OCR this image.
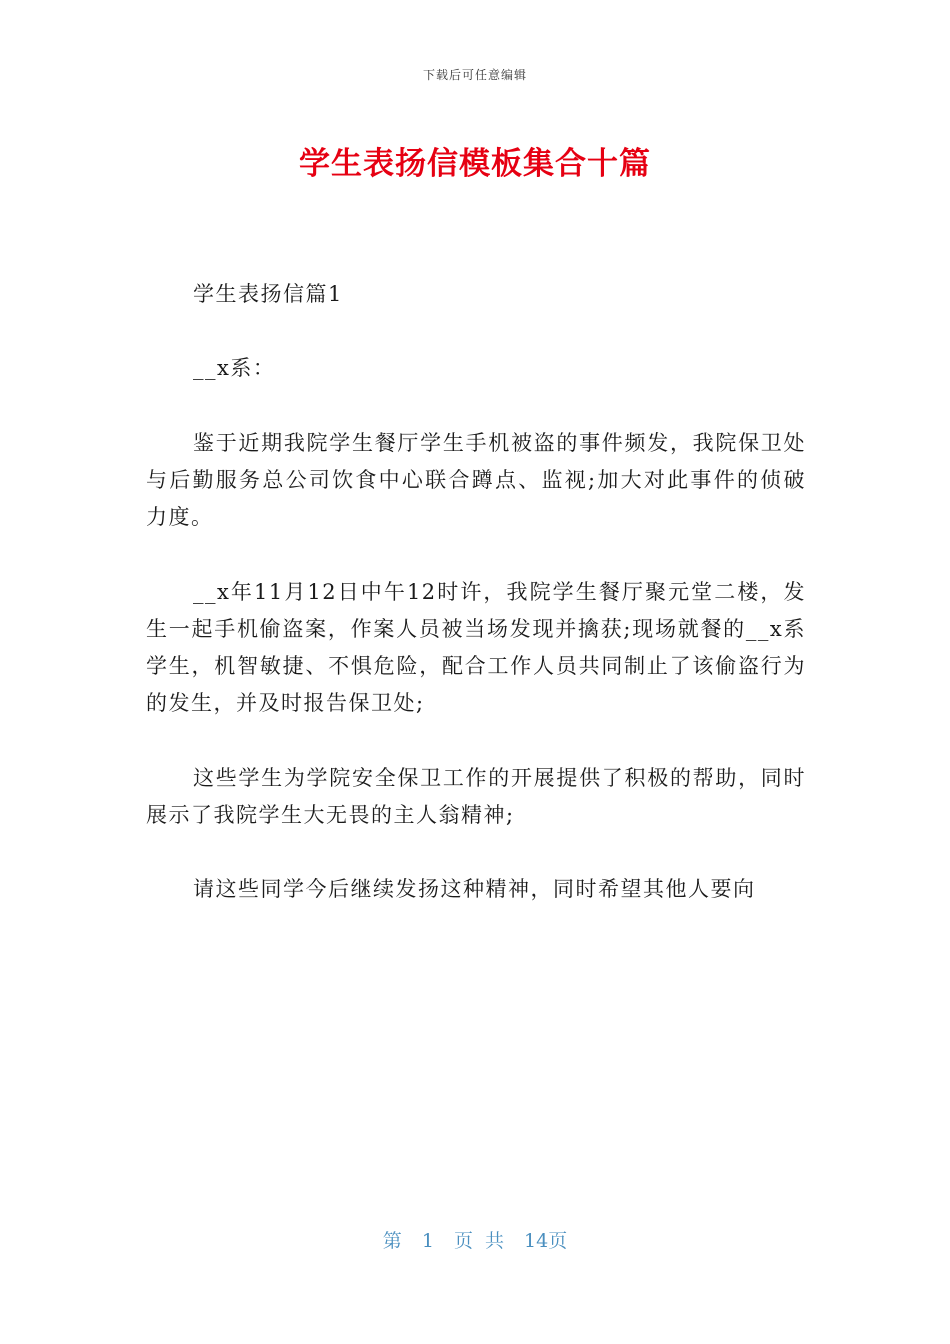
下载后可任意编辑
学生表扬信模板集合十篇

学生表扬信篇1

__x系：

鉴于近期我院学生餐厅学生手机被盗的事件频发，我院保卫处与后勤服务总公司饮食中心联合蹲点、监视;加大对此事件的侦破力度。

__x年11月12日中午12时许，我院学生餐厅聚元堂二楼，发生一起手机偷盗案，作案人员被当场发现并擒获;现场就餐的__x系学生，机智敏捷、不惧危险，配合工作人员共同制止了该偷盗行为的发生，并及时报告保卫处;

这些学生为学院安全保卫工作的开展提供了积极的帮助，同时展示了我院学生大无畏的主人翁精神;

请这些同学今后继续发扬这种精神，同时希望其他人要向

第 1 页 共 14页
